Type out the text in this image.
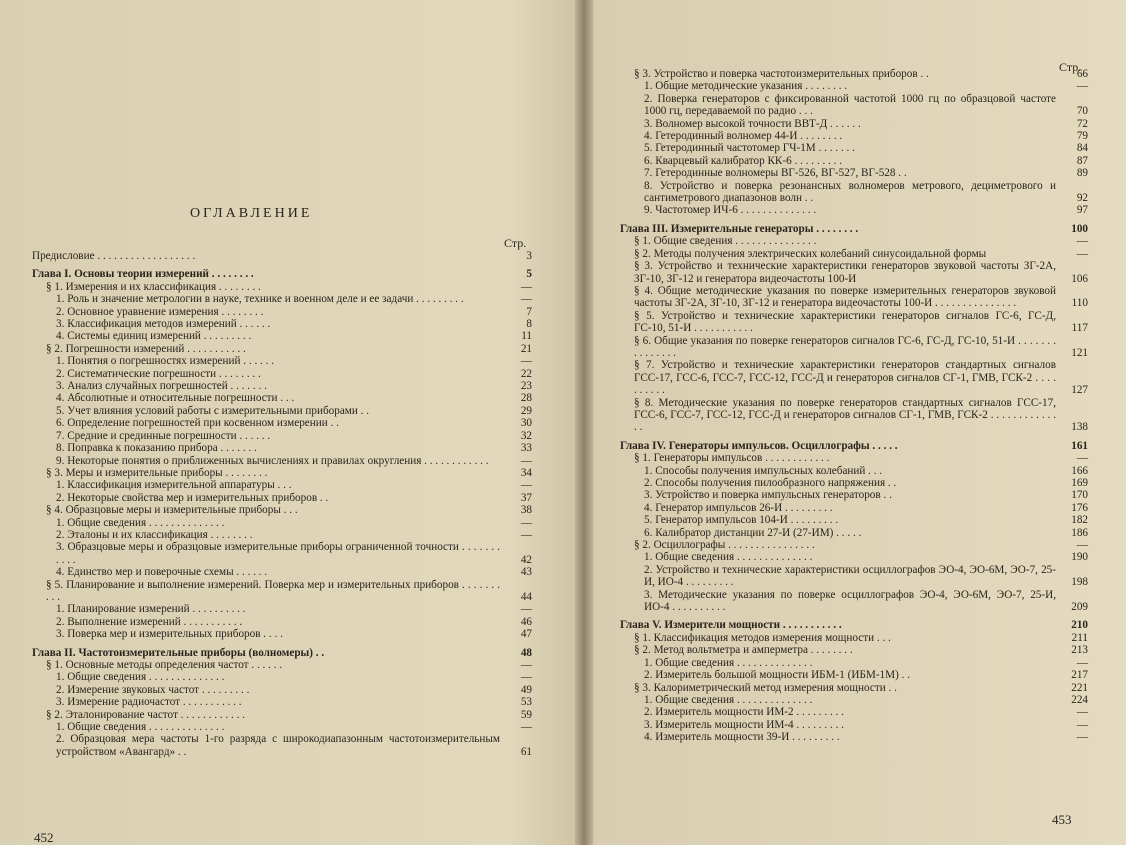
ОГЛАВЛЕНИЕ
Стр.
Предисловие . . . . . . . . . . . . . . . . . .	3
Глава I. Основы теории измерений . . . . . . . .	5
§ 1. Измерения и их классификация . . . . . . . .	—
1. Роль и значение метрологии в науке, технике и военном деле и ее задачи . . . . . . . . .	—
2. Основное уравнение измерения . . . . . . . .	7
3. Классификация методов измерений . . . . . .	8
4. Системы единиц измерений . . . . . . . . .	11
§ 2. Погрешности измерений . . . . . . . . . . .	21
1. Понятия о погрешностях измерений . . . . . .	—
2. Систематические погрешности . . . . . . . .	22
3. Анализ случайных погрешностей . . . . . . .	23
4. Абсолютные и относительные погрешности . . .	28
5. Учет влияния условий работы с измерительными приборами . .	29
6. Определение погрешностей при косвенном измерении . .	30
7. Средние и срединные погрешности . . . . . .	32
8. Поправка к показанию прибора . . . . . . .	33
9. Некоторые понятия о приближенных вычислениях и правилах округления . . . . . . . . . . . .	—
§ 3. Меры и измерительные приборы . . . . . . . .	34
1. Классификация измерительной аппаратуры . . .	—
2. Некоторые свойства мер и измерительных приборов . .	37
§ 4. Образцовые меры и измерительные приборы . . .	38
1. Общие сведения . . . . . . . . . . . . . .	—
2. Эталоны и их классификация . . . . . . . .	—
3. Образцовые меры и образцовые измерительные приборы ограниченной точности . . . . . . . . . . .	42
4. Единство мер и поверочные схемы . . . . . .	43
§ 5. Планирование и выполнение измерений. Поверка мер и измерительных приборов . . . . . . . . . .	44
1. Планирование измерений . . . . . . . . . .	—
2. Выполнение измерений . . . . . . . . . . .	46
3. Поверка мер и измерительных приборов . . . .	47
Глава II. Частотоизмерительные приборы (волномеры) . .	48
§ 1. Основные методы определения частот . . . . . .	—
1. Общие сведения . . . . . . . . . . . . . .	—
2. Измерение звуковых частот . . . . . . . . .	49
3. Измерение радиочастот . . . . . . . . . . .	53
§ 2. Эталонирование частот . . . . . . . . . . . .	59
1. Общие сведения . . . . . . . . . . . . . .	—
2. Образцовая мера частоты 1-го разряда с широкодиапазонным частотоизмерительным устройством «Авангард» . .	61
452
Стр.
§ 3. Устройство и поверка частотоизмерительных приборов . .	66
1. Общие методические указания . . . . . . . .	—
2. Поверка генераторов с фиксированной частотой 1000 гц по образцовой частоте 1000 гц, передаваемой по радио . . .	70
3. Волномер высокой точности ВВТ-Д . . . . . .	72
4. Гетеродинный волномер 44-И . . . . . . . .	79
5. Гетеродинный частотомер ГЧ-1М . . . . . . .	84
6. Кварцевый калибратор КК-6 . . . . . . . . .	87
7. Гетеродинные волномеры ВГ-526, ВГ-527, ВГ-528 . .	89
8. Устройство и поверка резонансных волномеров метрового, дециметрового и сантиметрового диапазонов волн . .	92
9. Частотомер ИЧ-6 . . . . . . . . . . . . . .	97
Глава III. Измерительные генераторы . . . . . . . .	100
§ 1. Общие сведения . . . . . . . . . . . . . . .	—
§ 2. Методы получения электрических колебаний синусоидальной формы	—
§ 3. Устройство и технические характеристики генераторов звуковой частоты ЗГ-2А, ЗГ-10, ЗГ-12 и генератора видеочастоты 100-И	106
§ 4. Общие методические указания по поверке измерительных генераторов звуковой частоты ЗГ-2А, ЗГ-10, ЗГ-12 и генератора видеочастоты 100-И . . . . . . . . . . . . . . .	110
§ 5. Устройство и технические характеристики генераторов сигналов ГС-6, ГС-Д, ГС-10, 51-И . . . . . . . . . . .	117
§ 6. Общие указания по поверке генераторов сигналов ГС-6, ГС-Д, ГС-10, 51-И . . . . . . . . . . . . . . .	121
§ 7. Устройство и технические характеристики генераторов стандартных сигналов ГСС-17, ГСС-6, ГСС-7, ГСС-12, ГСС-Д и генераторов сигналов СГ-1, ГМВ, ГСК-2 . . . . . . . . . .	127
§ 8. Методические указания по поверке генераторов стандартных сигналов ГСС-17, ГСС-6, ГСС-7, ГСС-12, ГСС-Д и генераторов сигналов СГ-1, ГМВ, ГСК-2 . . . . . . . . . . . . . .	138
Глава IV. Генераторы импульсов. Осциллографы . . . . .	161
§ 1. Генераторы импульсов . . . . . . . . . . . .	—
1. Способы получения импульсных колебаний . . .	166
2. Способы получения пилообразного напряжения . .	169
3. Устройство и поверка импульсных генераторов . .	170
4. Генератор импульсов 26-И . . . . . . . . .	176
5. Генератор импульсов 104-И . . . . . . . . .	182
6. Калибратор дистанции 27-И (27-ИМ) . . . . .	186
§ 2. Осциллографы . . . . . . . . . . . . . . . .	—
1. Общие сведения . . . . . . . . . . . . . .	190
2. Устройство и технические характеристики осциллографов ЭО-4, ЭО-6М, ЭО-7, 25-И, ИО-4 . . . . . . . . .	198
3. Методические указания по поверке осциллографов ЭО-4, ЭО-6М, ЭО-7, 25-И, ИО-4 . . . . . . . . . .	209
Глава V. Измерители мощности . . . . . . . . . . .	210
§ 1. Классификация методов измерения мощности . . .	211
§ 2. Метод вольтметра и амперметра . . . . . . . .	213
1. Общие сведения . . . . . . . . . . . . . .	—
2. Измеритель большой мощности ИБМ-1 (ИБМ-1М) . .	217
§ 3. Калориметрический метод измерения мощности . .	221
1. Общие сведения . . . . . . . . . . . . . .	224
2. Измеритель мощности ИМ-2 . . . . . . . . .	—
3. Измеритель мощности ИМ-4 . . . . . . . . .	—
4. Измеритель мощности 39-И . . . . . . . . .	—
453
